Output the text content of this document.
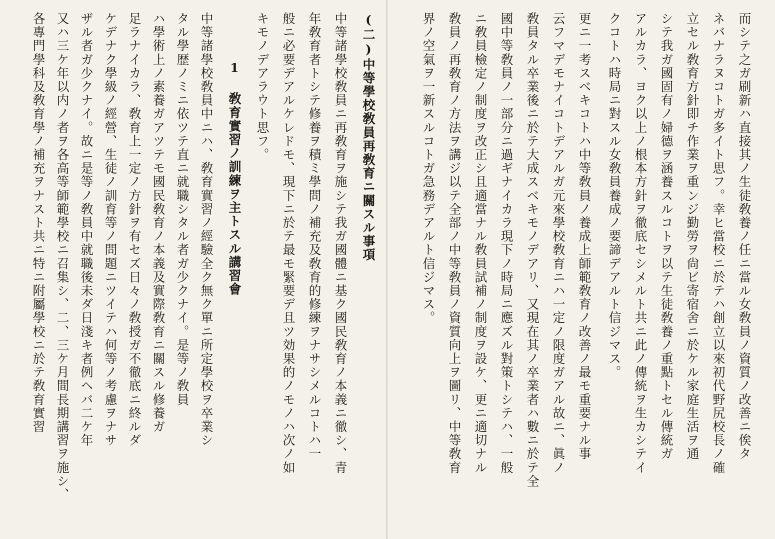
(二)中等學校敎員再敎育ニ關スル事項
中等諸學校敎員ニ再敎育ヲ施シテ我ガ國體ニ基ク國民敎育ノ本義ニ徹シ、青
年敎育者トシテ修養ヲ積ミ學問ノ補充及敎育的修練ヲナサシメルコトハ一
般ニ必要デアルケレドモ、現下ニ於テ最モ緊要デ且ツ効果的ノモノハ次ノ如
キモノデアラウト思フ。
1 敎育實習ノ訓練ヲ主トスル講習會
中等諸學校敎員中ニハ、敎育實習ノ經驗全ク無ク單ニ所定學校ヲ卒業シ
タル學歴ノミニ依ツテ直ニ就職シタル者ガ少クナイ。是等ノ敎員
ハ學術上ノ素養ガアツテモ國民敎育ノ本義及實際敎育ニ關スル修養ガ
足ラナイカラ、敎育上一定ノ方針ヲ有セズ日々ノ敎授ガ不徹底ニ終ルダ
ケデナク學級ノ經營、生徒ノ訓育等ノ問題ニツイテハ何等ノ考慮ヲナサ
ザル者ガ少クナイ。故ニ是等ノ敎員中就職後未ダ日淺キ者例ヘバ二ケ年
又ハ三ケ年以内ノ者ヲ各高等師範學校ニ召集シ、二、三ケ月間長期講習ヲ施シ、
各專門學科及敎育學ノ補充ヲナスト共ニ特ニ附屬學校ニ於テ敎育實習	而シテ之ガ刷新ハ直接其ノ生徒敎養ノ任ニ當ル女敎員ノ資質ノ改善ニ俟タ
ネバナラヌコトガ多イト思フ。幸ヒ當校ニ於テハ創立以來初代野尻校長ノ確
立セル敎育方針即チ作業ヲ重ンジ勤勞ヲ尙ビ寄宿舍ニ於ケル家庭生活ヲ通
シテ我ガ國固有ノ婦德ヲ涵養スルコトヲ以テ生徒敎養ノ重點トセル傳統ガ
アルカラ、ヨク以上ノ根本方針ヲ徹底セシメルト共ニ此ノ傳統ヲ生カシテイ
クコトハ時局ニ對スル女敎員養成ノ要諦デアルト信ジマス。
更ニ一考スベキコトハ中等敎員ノ養成上師範敎育ノ改善ノ最モ重要ナル事
云フマデモナイコトデアルガ元來學校敎育ニハ一定ノ限度ガアル故ニ、眞ノ
敎員タル卒業後ニ於テ大成スベキモノデアリ、又現在其ノ卒業者ハ數ニ於テ全
國中等敎員ノ一部分ニ過ギナイカラ現下ノ時局ニ應ズル對策トシテハ、一般
ニ敎員檢定ノ制度ヲ改正シ且適當ナル敎員試補ノ制度ヲ設ケ、更ニ適切ナル
敎員ノ再敎育ノ方法ヲ講ジ以テ全部ノ中等敎員ノ資質向上ヲ圖リ、中等敎育
界ノ空氣ヲ一新スルコトガ急務デアルト信ジマス。
